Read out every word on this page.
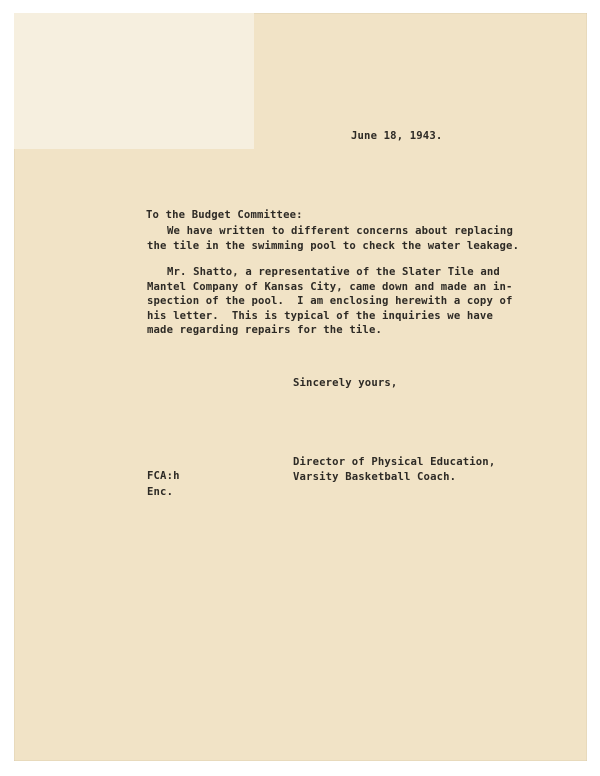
June 18, 1943.
To the Budget Committee:
We have written to different concerns about replacing
the tile in the swimming pool to check the water leakage.
Mr. Shatto, a representative of the Slater Tile and
Mantel Company of Kansas City, came down and made an in-
spection of the pool.  I am enclosing herewith a copy of
his letter.  This is typical of the inquiries we have
made regarding repairs for the tile.
Sincerely yours,
Director of Physical Education,
Varsity Basketball Coach.
FCA:h
Enc.
